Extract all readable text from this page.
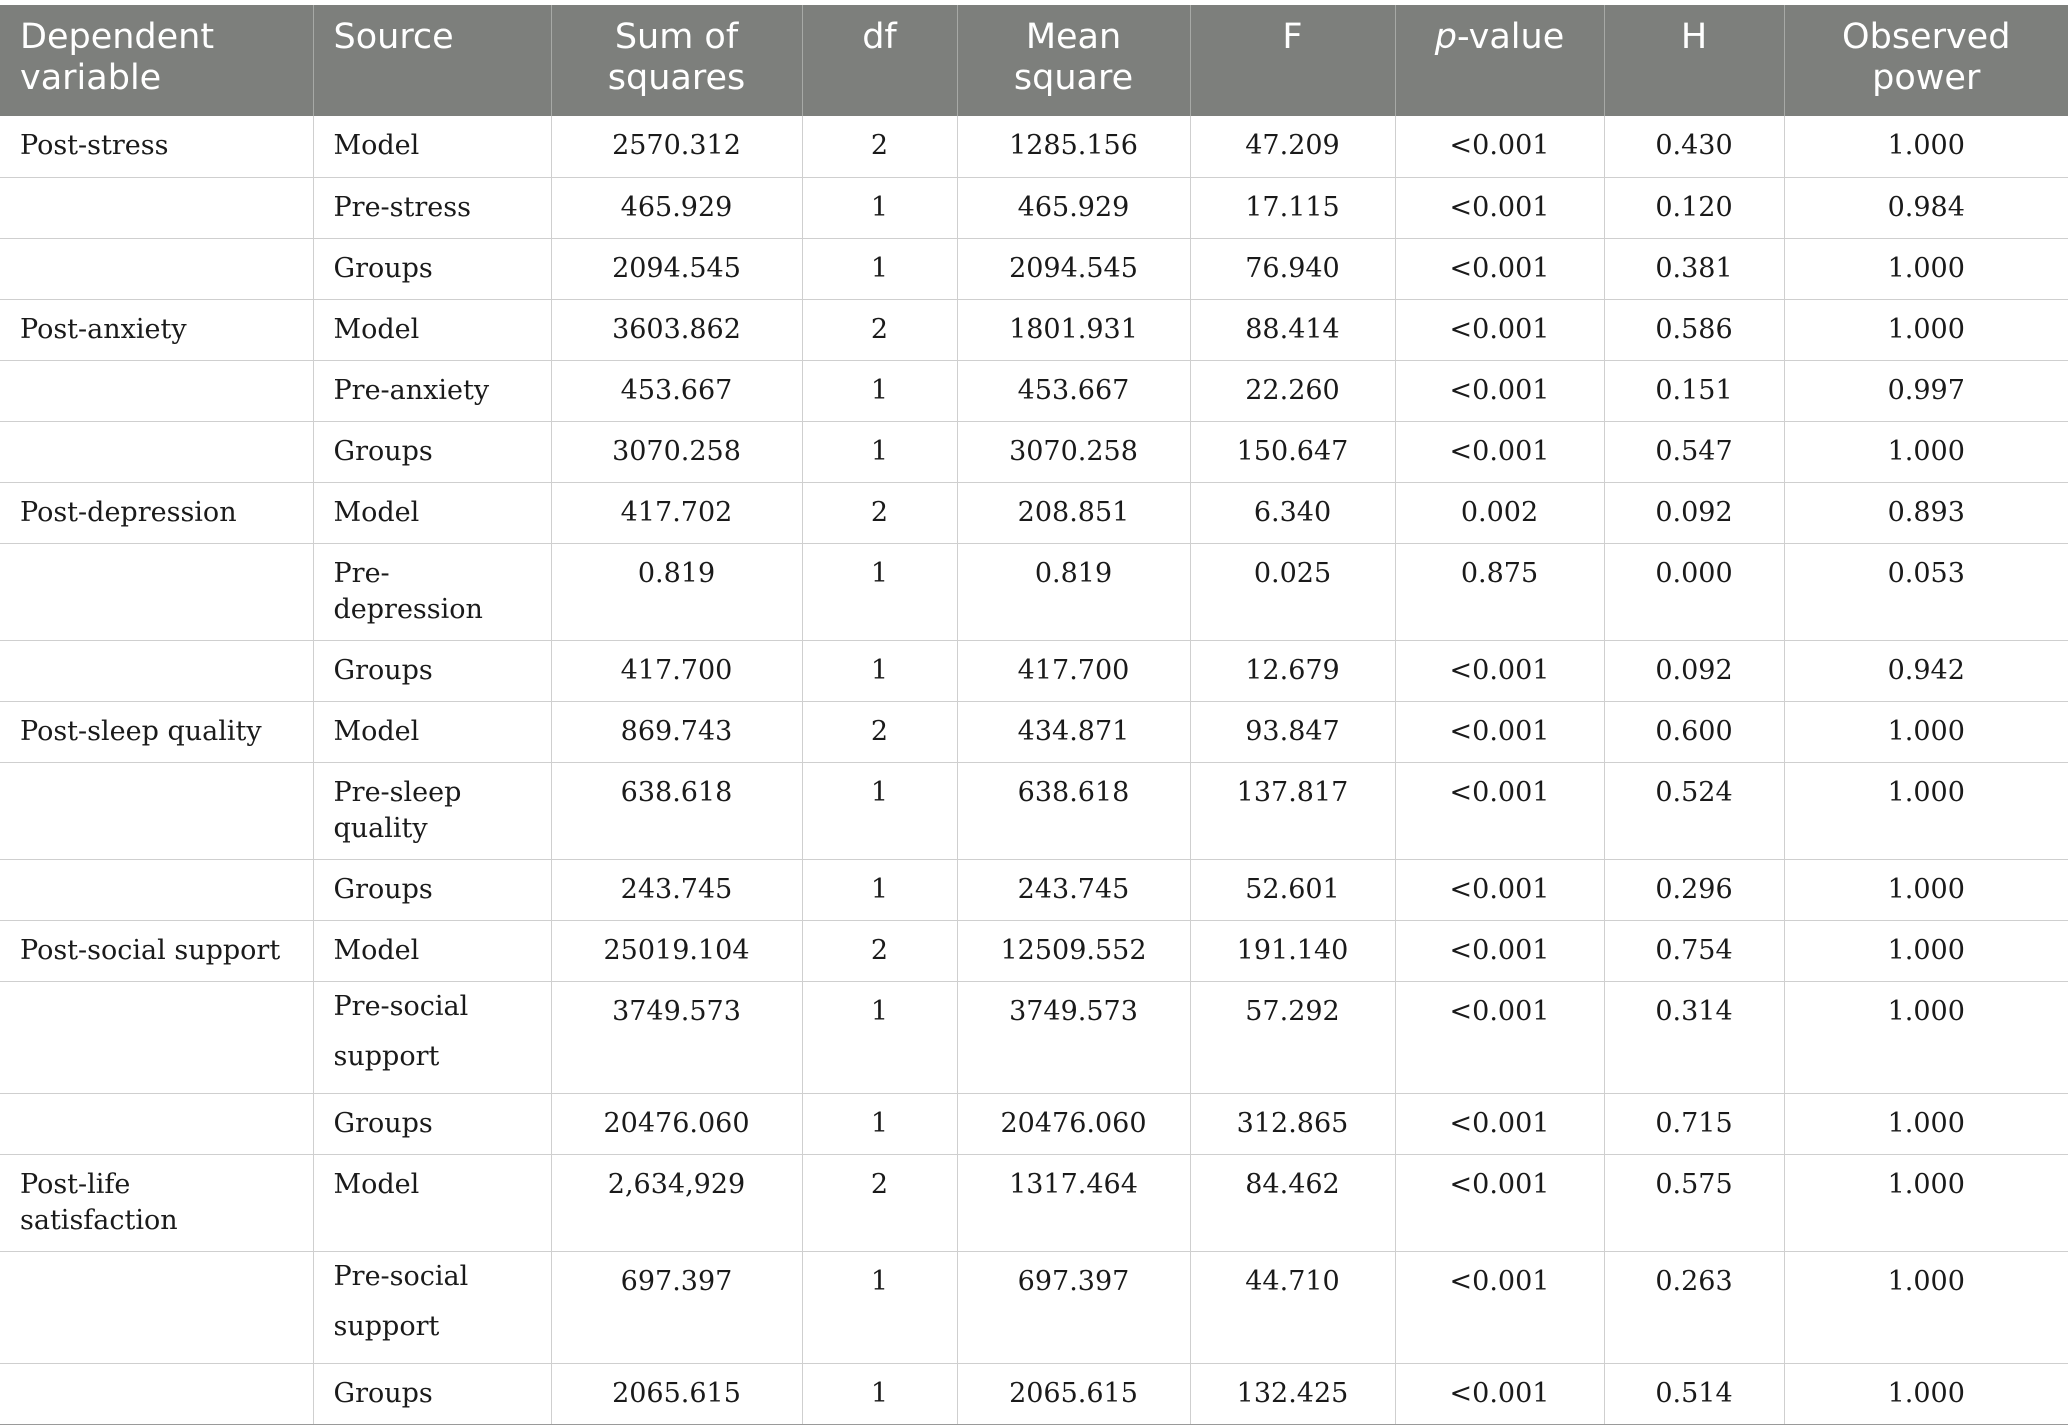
Dependent variable	Source	Sum of squares	df	Mean square	F	p-value	H	Observed power
Post-stress	Model	2570.312	2	1285.156	47.209	<0.001	0.430	1.000
	Pre-stress	465.929	1	465.929	17.115	<0.001	0.120	0.984
	Groups	2094.545	1	2094.545	76.940	<0.001	0.381	1.000
Post-anxiety	Model	3603.862	2	1801.931	88.414	<0.001	0.586	1.000
	Pre-anxiety	453.667	1	453.667	22.260	<0.001	0.151	0.997
	Groups	3070.258	1	3070.258	150.647	<0.001	0.547	1.000
Post-depression	Model	417.702	2	208.851	6.340	0.002	0.092	0.893
	Pre-depression	0.819	1	0.819	0.025	0.875	0.000	0.053
	Groups	417.700	1	417.700	12.679	<0.001	0.092	0.942
Post-sleep quality	Model	869.743	2	434.871	93.847	<0.001	0.600	1.000
	Pre-sleep quality	638.618	1	638.618	137.817	<0.001	0.524	1.000
	Groups	243.745	1	243.745	52.601	<0.001	0.296	1.000
Post-social support	Model	25019.104	2	12509.552	191.140	<0.001	0.754	1.000
	Pre-social support	3749.573	1	3749.573	57.292	<0.001	0.314	1.000
	Groups	20476.060	1	20476.060	312.865	<0.001	0.715	1.000
Post-life satisfaction	Model	2,634,929	2	1317.464	84.462	<0.001	0.575	1.000
	Pre-social support	697.397	1	697.397	44.710	<0.001	0.263	1.000
	Groups	2065.615	1	2065.615	132.425	<0.001	0.514	1.000
